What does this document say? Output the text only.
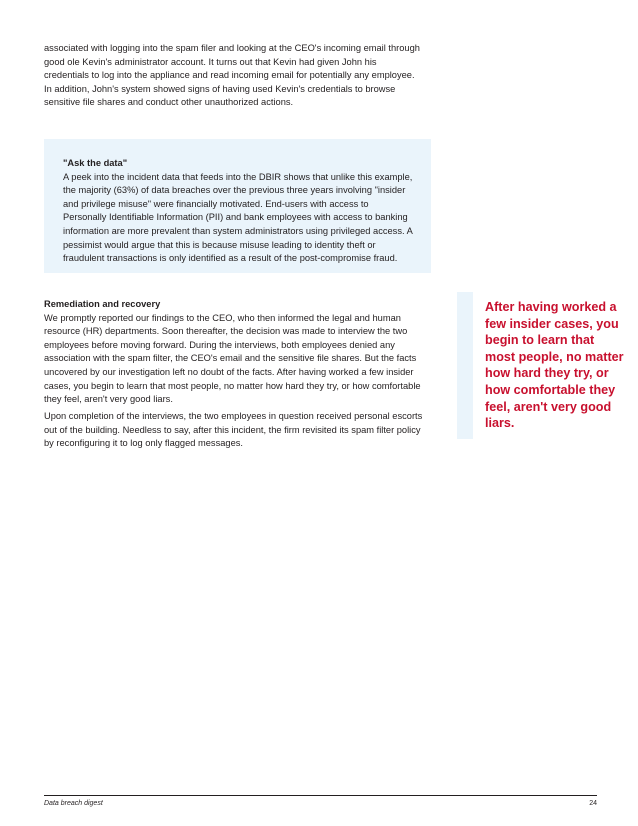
associated with logging into the spam filer and looking at the CEO's incoming email through good ole Kevin's administrator account. It turns out that Kevin had given John his credentials to log into the appliance and read incoming email for potentially any employee. In addition, John's system showed signs of having used Kevin's credentials to browse sensitive file shares and conduct other unauthorized actions.

"Ask the data"
A peek into the incident data that feeds into the DBIR shows that unlike this example, the majority (63%) of data breaches over the previous three years involving "insider and privilege misuse" were financially motivated. End-users with access to Personally Identifiable Information (PII) and bank employees with access to banking information are more prevalent than system administrators using privileged access. A pessimist would argue that this is because misuse leading to identity theft or fraudulent transactions is only identified as a result of the post-compromise fraud.
Remediation and recovery
We promptly reported our findings to the CEO, who then informed the legal and human resource (HR) departments. Soon thereafter, the decision was made to interview the two employees before moving forward. During the interviews, both employees denied any association with the spam filter, the CEO's email and the sensitive file shares. But the facts uncovered by our investigation left no doubt of the facts. After having worked a few insider cases, you begin to learn that most people, no matter how hard they try, or how comfortable they feel, aren't very good liars.

Upon completion of the interviews, the two employees in question received personal escorts out of the building. Needless to say, after this incident, the firm revisited its spam filter policy by reconfiguring it to log only flagged messages.

After having worked a few insider cases, you begin to learn that most people, no matter how hard they try, or how comfortable they feel, aren't very good liars.

Data breach digest	24
